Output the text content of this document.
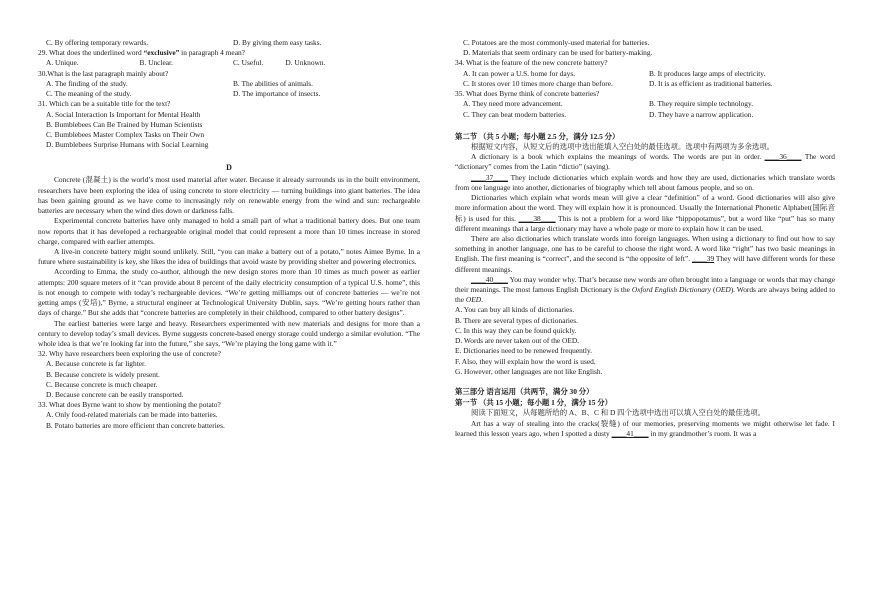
C. By offering temporary rewards.	D. By giving them easy tasks.
29. What does the underlined word “exclusive” in paragraph 4 mean?
A. Unique.	B. Unclear.	C. Useful.	D. Unknown.
30.What is the last paragraph mainly about?
A. The finding of the study.	B. The abilities of animals.
C. The meaning of the study.	D. The importance of insects.
31. Which can be a suitable title for the text?
A. Social Interaction Is Important for Mental Health
B. Bumblebees Can Be Trained by Human Scientists
C. Bumblebees Master Complex Tasks on Their Own
D. Bumblebees Surprise Humans with Social Learning
D

Concrete (混凝土) is the world’s most used material after water. Because it already surrounds us in the built environment, researchers have been exploring the idea of using concrete to store electricity — turning buildings into giant batteries. The idea has been gaining ground as we have come to increasingly rely on renewable energy from the wind and sun: rechargeable batteries are necessary when the wind dies down or darkness falls.

Experimental concrete batteries have only managed to hold a small part of what a traditional battery does. But one team now reports that it has developed a rechargeable original model that could represent a more than 10 times increase in stored charge, compared with earlier attempts.

A live-in concrete battery might sound unlikely. Still, “you can make a battery out of a potato,” notes Aimee Byrne. In a future where sustainability is key, she likes the idea of buildings that avoid waste by providing shelter and powering electronics.

According to Emma, the study co-author, although the new design stores more than 10 times as much power as earlier attempts: 200 square meters of it “can provide about 8 percent of the daily electricity consumption of a typical U.S. home”, this is not enough to compete with today’s rechargeable devices. “We’re getting milliamps out of concrete batteries — we’re not getting amps (安培),” Byrne, a structural engineer at Technological University Dublin, says. “We’re getting hours rather than days of charge.” But she adds that “concrete batteries are completely in their childhood, compared to other battery designs”.

The earliest batteries were large and heavy. Researchers experimented with new materials and designs for more than a century to develop today’s small devices. Byrne suggests concrete-based energy storage could undergo a similar evolution. “The whole idea is that we’re looking far into the future,” she says, “We’re playing the long game with it.”

32. Why have researchers been exploring the use of concrete?
A. Because concrete is far lighter.
B. Because concrete is widely present.
C. Because concrete is much cheaper.
D. Because concrete can be easily transported.
33. What does Byrne want to show by mentioning the potato?
A. Only food-related materials can be made into batteries.
B. Potato batteries are more efficient than concrete batteries.
C. Potatoes are the most commonly-used material for batteries.
D. Materials that seem ordinary can be used for battery-making.
34. What is the feature of the new concrete battery?
A. It can power a U.S. home for days.	B. It produces large amps of electricity.
C. It stores over 10 times more charge than before.	D. It is as efficient as traditional batteries.
35. What does Byrne think of concrete batteries?
A. They need more advancement.	B. They require simple technology.
C. They can beat modern batteries.	D. They have a narrow application.
第二节 （共 5 小题；每小题 2.5 分，满分 12.5 分）

根据短文内容，从短文后的选项中选出能填入空白处的最佳选项。选项中有两项为多余选项。

A dictionary is a book which explains the meanings of words. The words are put in order. ____36____ The word “dictionary” comes from the Latin “dictio” (saying).

____37____ They include dictionaries which explain words and how they are used, dictionaries which translate words from one language into another, dictionaries of biography which tell about famous people, and so on.

Dictionaries which explain what words mean will give a clear “definition” of a word. Good dictionaries will also give more information about the word. They will explain how it is pronounced. Usually the International Phonetic Alphabet(国际音标) is used for this. ____38____ This is not a problem for a word like “hippopotamus”, but a word like “put” has so many different meanings that a large dictionary may have a whole page or more to explain how it can be used.

There are also dictionaries which translate words into foreign languages. When using a dictionary to find out how to say something in another language, one has to be careful to choose the right word. A word like “right” has two basic meanings in English. The first meaning is “correct”, and the second is “the opposite of left”. ____39 They will have different words for these different meanings.

____40____ You may wonder why. That’s because new words are often brought into a language or words that may change their meanings. The most famous English Dictionary is the Oxford English Dictionary (OED). Words are always being added to the OED.

A. You can buy all kinds of dictionaries.
B. There are several types of dictionaries.
C. In this way they can be found quickly.
D. Words are never taken out of the OED.
E. Dictionaries need to be renewed frequently.
F. Also, they will explain how the word is used.
G. However, other languages are not like English.
第三部分 语言运用（共两节，满分 30 分）
第一节 （共 15 小题；每小题 1 分，满分 15 分）

阅读下面短文，从每题所给的 A、B、C 和 D 四个选项中选出可以填入空白处的最佳选项。

Art has a way of stealing into the cracks(裂缝) of our memories, preserving moments we might otherwise let fade. I learned this lesson years ago, when I spotted a dusty ____41____ in my grandmother’s room. It was a
